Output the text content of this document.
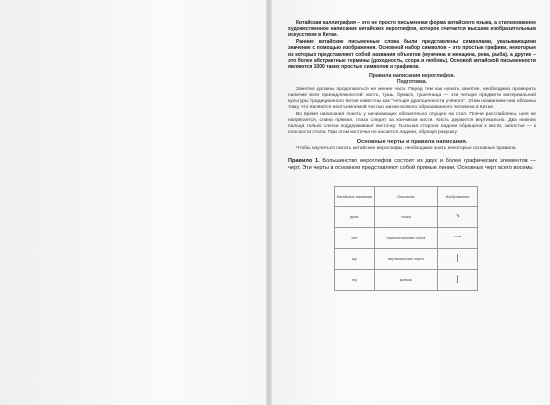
Китайская каллиграфия – это не просто письменная форма китайского языка, а стилизованное художественное написание китайских иероглифов, которое считается высшим изобразительным искусством в Китае.

Ранние китайские письменные слова были представлены символами, указывающими значение с помощью изображения. Основной набор символов – это простые графики, некоторые из которых представляют собой названия объектов (мужчина и женщина, река, рыба), а другие – это более абстрактные термины (доходность, ссора и любовь). Основой китайской письменности являются 1000 таких простых символов и графиков.

Правила написания иероглифов.

Подготовка.

Занятия должны продолжаться не менее часа. Перед тем как начать занятие, необходимо проверить наличие всех принадлежностей: кисть, тушь, бумага, тушечница — эти четыре предмета материальной культуры традиционного Китая известны как "четыре драгоценности учёного". Этим названием они обязаны тому, что являются неотъемлемой частью жизни всякого образованного человека в Китае.

Во время написания локоть у начинающих обязательно опущен на стол. Плечи расслаблены, шея не напрягается, спина прямая, глаза следят за кончиком кисти. Кисть держится вертикально. Два нижних пальца только слегка поддерживают кисточку. Тыльная сторона ладони обращена к кисти, запястье — к плоскости стола. При этом кисточка не касается ладони, образуя ракушку.

Основные черты и правила написания.

Чтобы научиться писать китайские иероглифы, необходимо знать некоторые основные правила.

Правило 1. Большинство иероглифов состоит из двух и более графических элементов — черт. Эти черты в основном представляют собой прямые линии. Основных черт всего восемь:

Китайское название	Описание	Изображение
дянь	точка	丶
хэн	горизонтальная черта	一
шу	вертикальная черта	丨
гоу	крючок	亅
